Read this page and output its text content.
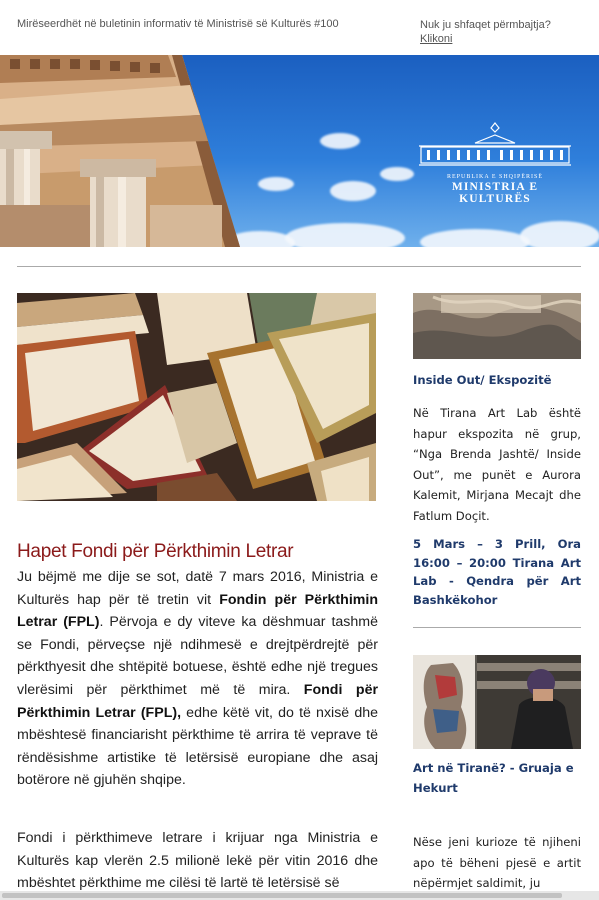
Mirëseerdhët në buletinin informativ të Ministrisë së Kulturës #100	Nuk ju shfaqet përmbajtja?
Klikoni
REPUBLIKA E SHQIPËRISË
MINISTRIA E KULTURËS
Hapet Fondi për Përkthimin Letrar
Ju bëjmë me dije se sot, datë 7 mars 2016, Ministria e Kulturës hap për të tretin vit Fondin për Përkthimin Letrar (FPL). Përvoja e dy viteve ka dëshmuar tashmë se Fondi, përveçse një ndihmesë e drejtpërdrejtë për përkthyesit dhe shtëpitë botuese, është edhe një tregues vlerësimi për përkthimet më të mira. Fondi për Përkthimin Letrar (FPL), edhe këtë vit, do të nxisë dhe mbështesë financiarisht përkthime të arrira të veprave të rëndësishme artistike të letërsisë europiane dhe asaj botërore në gjuhën shqipe.
Fondi i përkthimeve letrare i krijuar nga Ministria e Kulturës kap vlerën 2.5 milionë lekë për vitin 2016 dhe mbështet përkthime me cilësi të lartë të letërsisë së
Inside Out/ Ekspozitë
Në Tirana Art Lab është hapur ekspozita në grup, “Nga Brenda Jashtë/ Inside Out”, me punët e Aurora Kalemit, Mirjana Mecajt dhe Fatlum Doçit.
5 Mars – 3 Prill, Ora 16:00 – 20:00 Tirana Art Lab - Qendra për Art Bashkëkohor
Art në Tiranë? - Gruaja e Hekurt
Nëse jeni kurioze të njiheni apo të bëheni pjesë e artit nëpërmjet saldimit, ju
